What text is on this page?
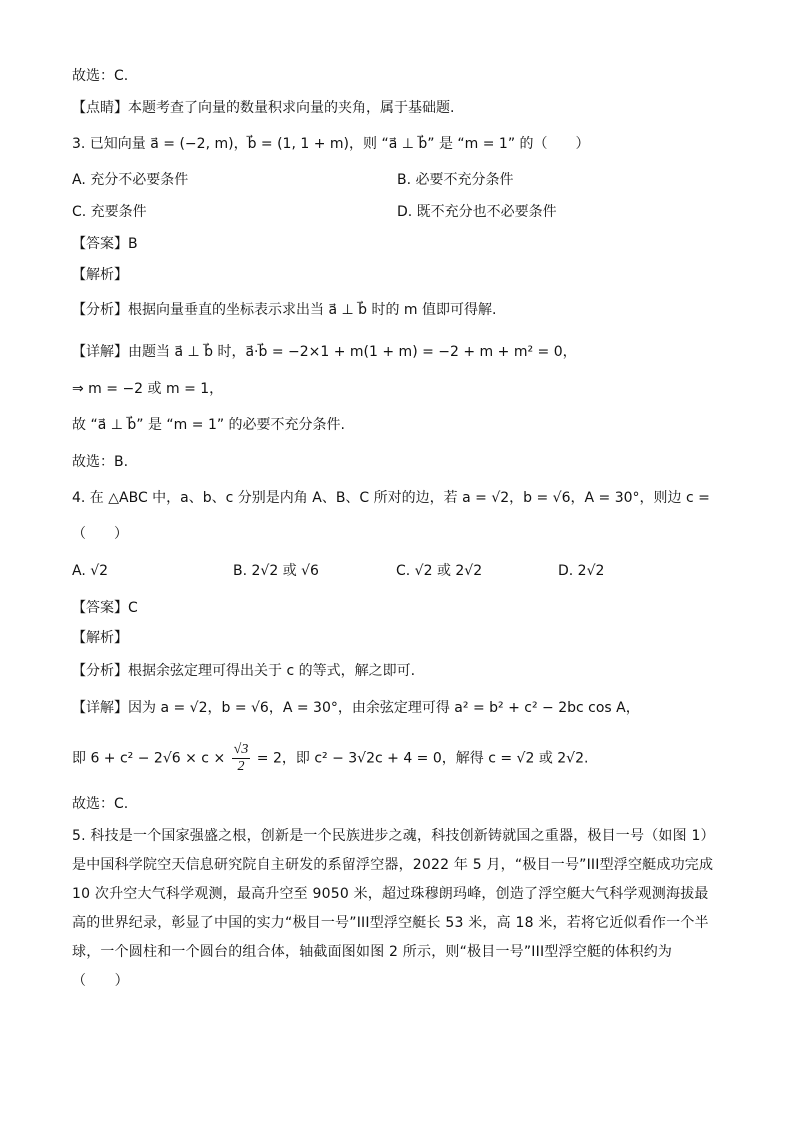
故选：C.
【点睛】本题考查了向量的数量积求向量的夹角，属于基础题.
3. 已知向量 a⃗ = (−2, m)，b⃗ = (1, 1 + m)，则 “a⃗ ⊥ b⃗” 是 “m = 1” 的（　　）
A. 充分不必要条件	B. 必要不充分条件
C. 充要条件	D. 既不充分也不必要条件
【答案】B
【解析】
【分析】根据向量垂直的坐标表示求出当 a⃗ ⊥ b⃗ 时的 m 值即可得解.
【详解】由题当 a⃗ ⊥ b⃗ 时，a⃗·b⃗ = −2×1 + m(1 + m) = −2 + m + m² = 0，
⇒ m = −2 或 m = 1，
故 “a⃗ ⊥ b⃗” 是 “m = 1” 的必要不充分条件.
故选：B.
4. 在 △ABC 中，a、b、c 分别是内角 A、B、C 所对的边，若 a = √2，b = √6，A = 30°，则边 c =
（　　）
A. √2	B. 2√2 或 √6	C. √2 或 2√2	D. 2√2
【答案】C
【解析】
【分析】根据余弦定理可得出关于 c 的等式，解之即可.
【详解】因为 a = √2，b = √6，A = 30°，由余弦定理可得 a² = b² + c² − 2bc cos A，
即 $6 + c^2 - 2√6 \times c \times \frac{√3}{2} = 2$，即 c² − 3√2c + 4 = 0，解得 c = √2 或 2√2.
故选：C.
5. 科技是一个国家强盛之根，创新是一个民族进步之魂，科技创新铸就国之重器，极目一号（如图 1）是中国科学院空天信息研究院自主研发的系留浮空器，2022 年 5 月，“极目一号”III型浮空艇成功完成 10 次升空大气科学观测，最高升空至 9050 米，超过珠穆朗玛峰，创造了浮空艇大气科学观测海拔最高的世界纪录，彰显了中国的实力“极目一号”III型浮空艇长 53 米，高 18 米，若将它近似看作一个半球，一个圆柱和一个圆台的组合体，轴截面图如图 2 所示，则“极目一号”III型浮空艇的体积约为（　　）
